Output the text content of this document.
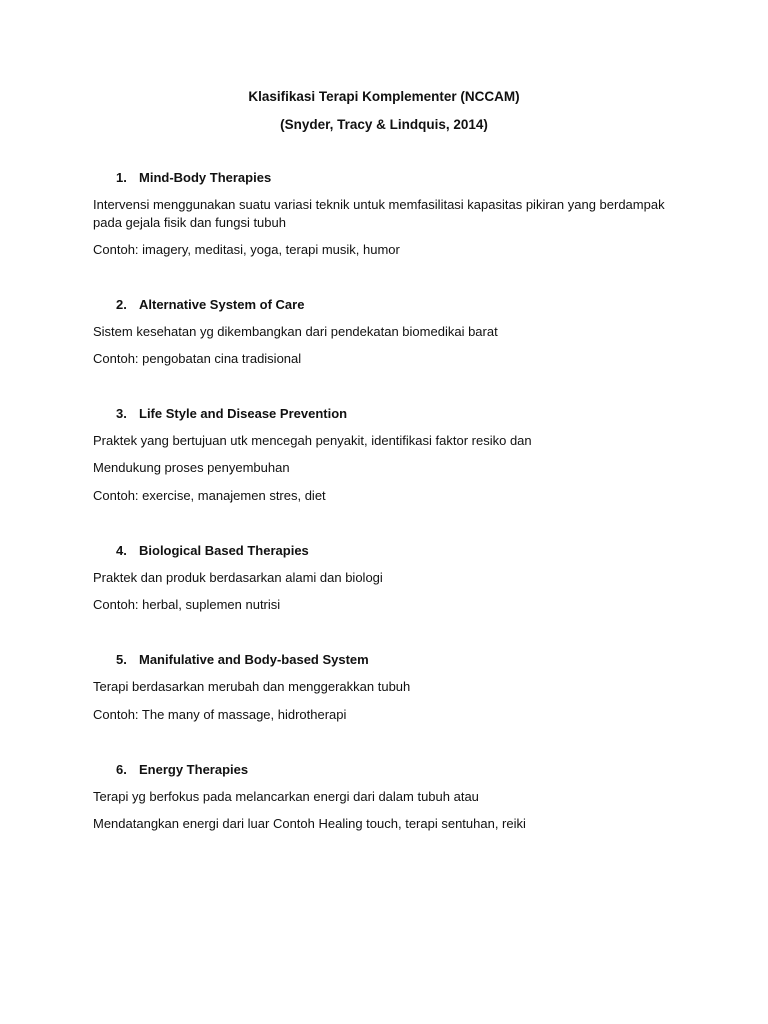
Klasifikasi Terapi Komplementer (NCCAM)
(Snyder, Tracy & Lindquis, 2014)
1. Mind-Body Therapies
Intervensi menggunakan suatu variasi teknik untuk memfasilitasi kapasitas pikiran yang berdampak
pada gejala fisik dan fungsi tubuh
Contoh: imagery, meditasi, yoga, terapi musik, humor
2. Alternative System of Care
Sistem kesehatan yg dikembangkan dari pendekatan biomedikai barat
Contoh: pengobatan cina tradisional
3. Life Style and Disease Prevention
Praktek yang bertujuan utk mencegah penyakit, identifikasi faktor resiko dan
Mendukung proses penyembuhan
Contoh: exercise, manajemen stres, diet
4. Biological Based Therapies
Praktek dan produk berdasarkan alami dan biologi
Contoh: herbal, suplemen nutrisi
5. Manifulative and Body-based System
Terapi berdasarkan merubah dan menggerakkan tubuh
Contoh: The many of massage, hidrotherapi
6. Energy Therapies
Terapi yg berfokus pada melancarkan energi dari dalam tubuh atau
Mendatangkan energi dari luar Contoh Healing touch, terapi sentuhan, reiki
